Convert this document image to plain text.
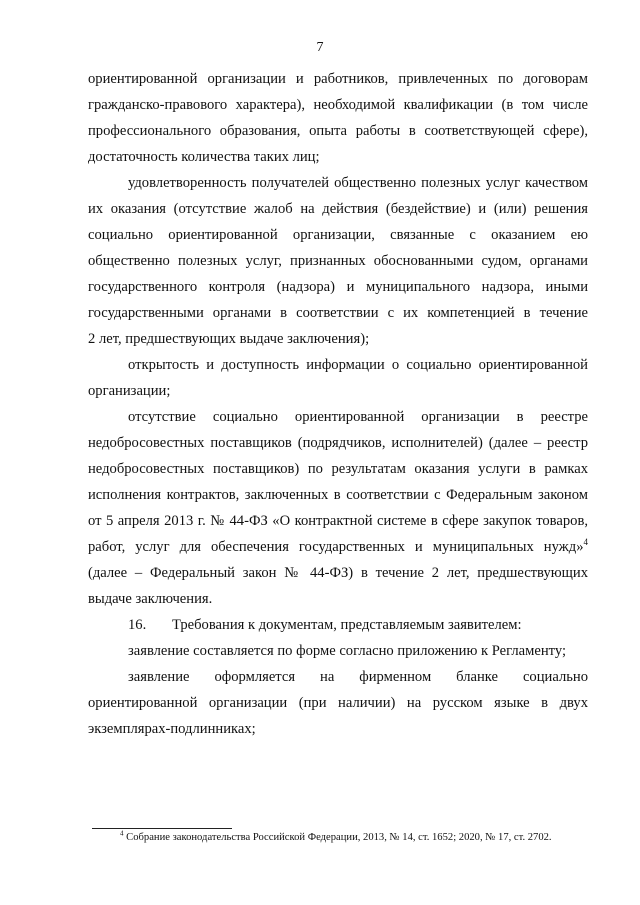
7
ориентированной организации и работников, привлеченных по договорам
гражданско-правового характера), необходимой квалификации (в том числе
профессионального образования, опыта работы в соответствующей сфере),
достаточность количества таких лиц;
удовлетворенность получателей общественно полезных услуг качеством
их оказания (отсутствие жалоб на действия (бездействие) и (или) решения
социально ориентированной организации, связанные с оказанием ею
общественно полезных услуг, признанных обоснованными судом, органами
государственного контроля (надзора) и муниципального надзора, иными
государственными органами в соответствии с их компетенцией в течение
2 лет, предшествующих выдаче заключения);
открытость и доступность информации о социально ориентированной
организации;
отсутствие социально ориентированной организации в реестре
недобросовестных поставщиков (подрядчиков, исполнителей) (далее – реестр
недобросовестных поставщиков) по результатам оказания услуги в рамках
исполнения контрактов, заключенных в соответствии с Федеральным законом
от 5 апреля 2013 г. № 44-ФЗ «О контрактной системе в сфере закупок товаров,
работ, услуг для обеспечения государственных и муниципальных нужд»$^4$
(далее – Федеральный закон № 44-ФЗ) в течение 2 лет, предшествующих
выдаче заключения.
16. Требования к документам, представляемым заявителем:
заявление составляется по форме согласно приложению к Регламенту;
заявление оформляется на фирменном бланке социально
ориентированной организации (при наличии) на русском языке в двух
экземплярах-подлинниках;
$^4$ Собрание законодательства Российской Федерации, 2013, № 14, ст. 1652; 2020, № 17, ст. 2702.
